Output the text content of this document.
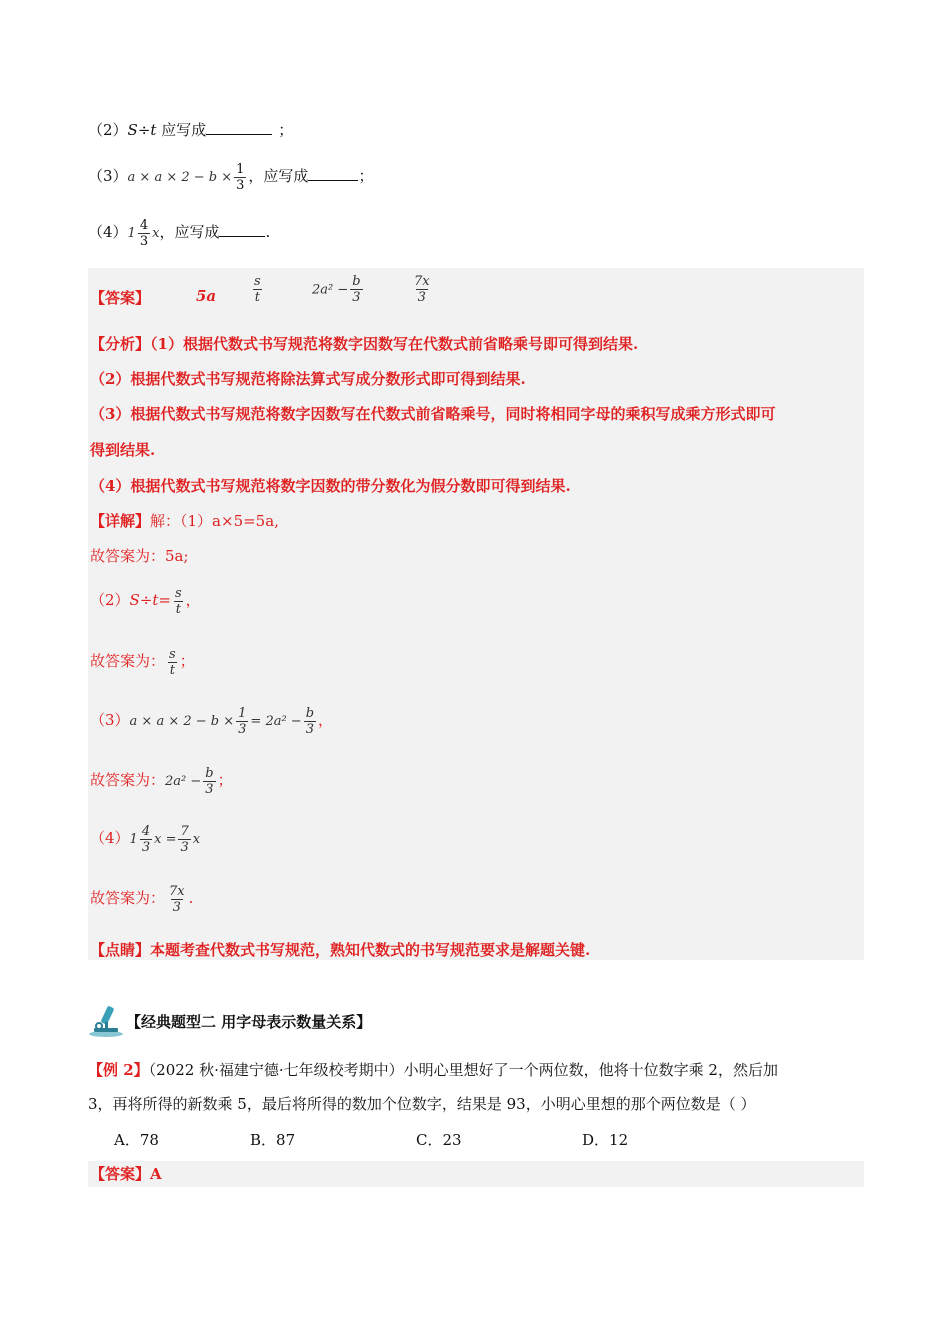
（2）S÷t 应写成	；
$(3)a \times a \times 2 - b \times \frac{1}{3}$ ，应写成	；
$(4)1 \frac{4}{3}$ x，应写成	.
【答案】	5a	$\frac{s}{t}$	$2a^2 - \frac{b}{3}$	$\frac{7x}{3}$
【分析】（1）根据代数式书写规范将数字因数写在代数式前省略乘号即可得到结果.
（2）根据代数式书写规范将除法算式写成分数形式即可得到结果.
（3）根据代数式书写规范将数字因数写在代数式前省略乘号，同时将相同字母的乘积写成乘方形式即可
得到结果.
（4）根据代数式书写规范将数字因数的带分数化为假分数即可得到结果.
【详解】解：（1）a×5=5a,
故答案为：5a;
$(2)S\div t= \frac{s}{t}$ ，
故答案为： $\frac{s}{t}$ ；
$(3)a \times a \times 2 - b \times \frac{1}{3} = 2a^2 - \frac{b}{3}$ ，
故答案为：$2a^2 - \frac{b}{3}$ ；
$(4)1 \frac{4}{3}$ $x = \frac{7}{3}$ x
故答案为： $\frac{7x}{3}$ .
【点睛】本题考查代数式书写规范，熟知代数式的书写规范要求是解题关键.
【经典题型二 用字母表示数量关系】
【例 2】（2022 秋·福建宁德·七年级校考期中）小明心里想好了一个两位数，他将十位数字乘 2，然后加
3，再将所得的新数乘 5，最后将所得的数加个位数字，结果是 93，小明心里想的那个两位数是（ ）
A．78	B．87	C．23	D．12
【答案】A
